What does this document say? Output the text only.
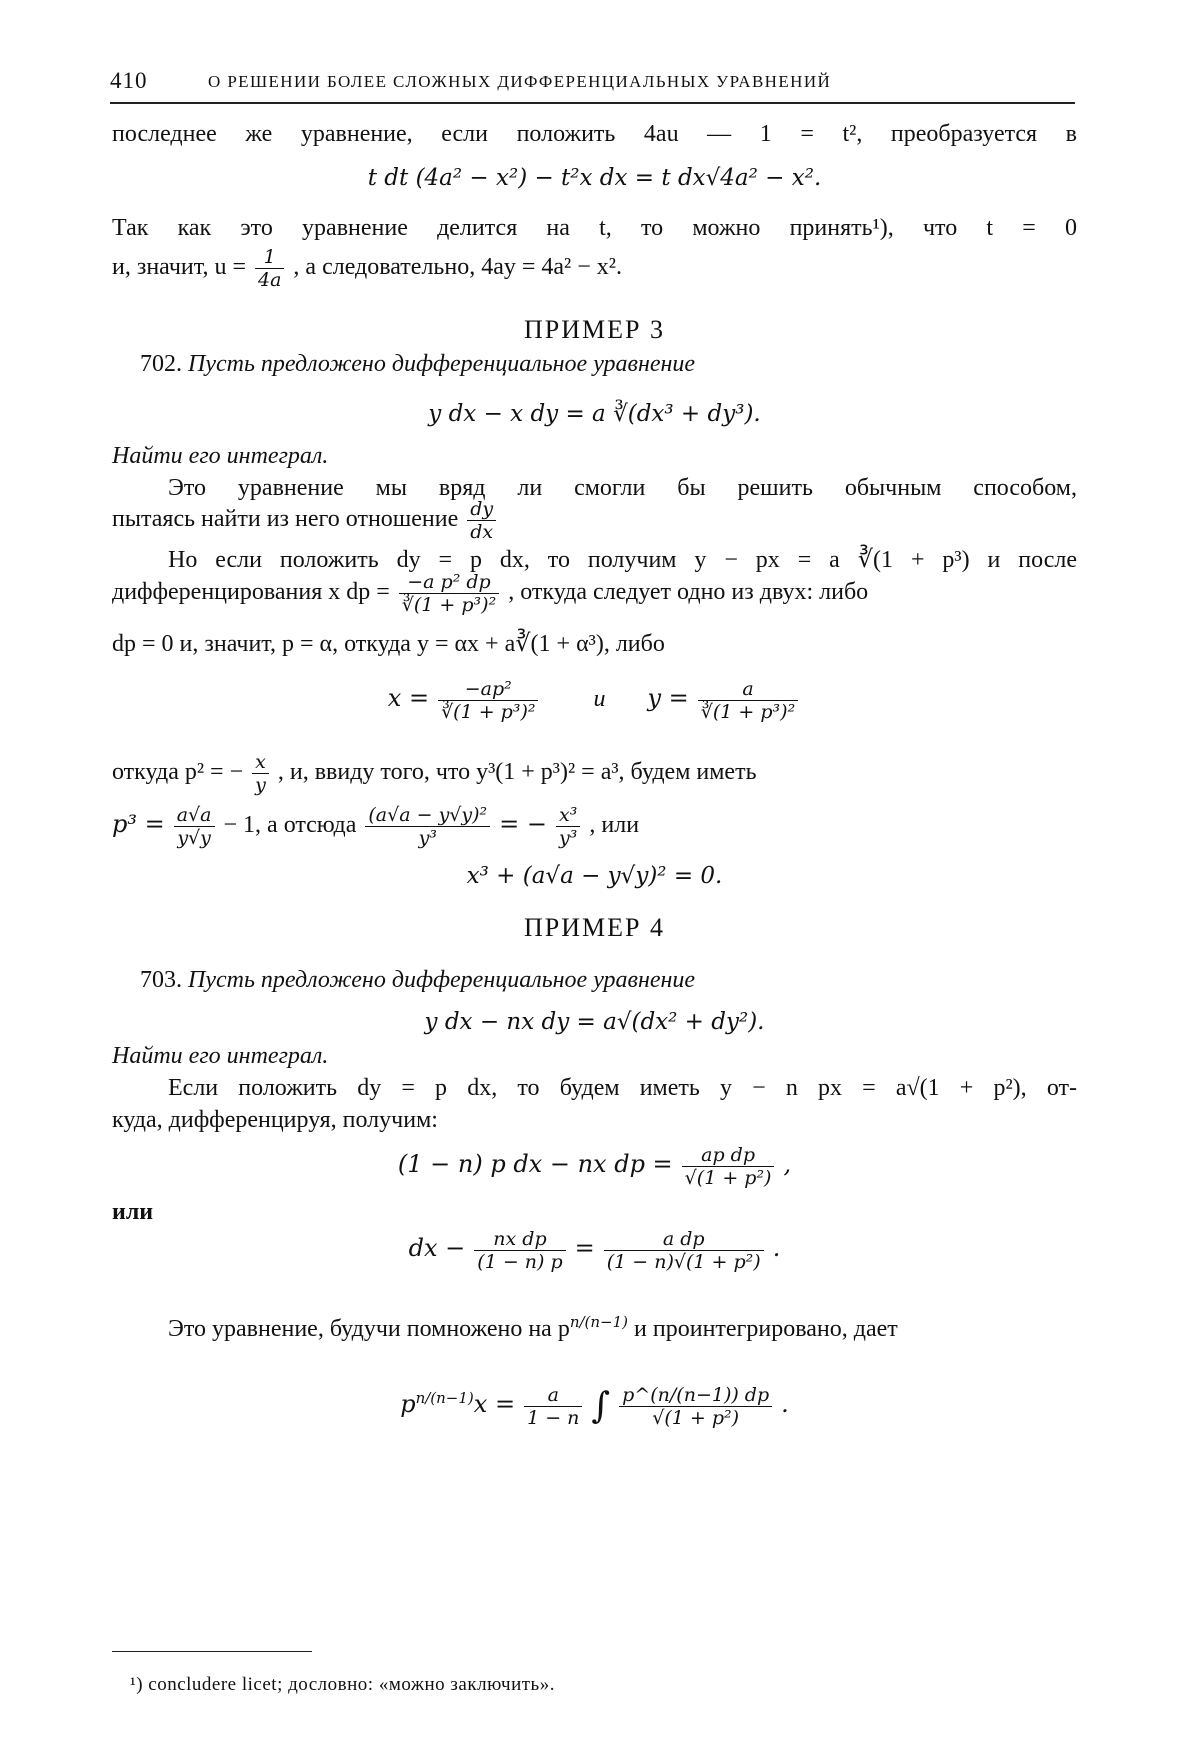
410	О РЕШЕНИИ БОЛЕЕ СЛОЖНЫХ ДИФФЕРЕНЦИАЛЬНЫХ УРАВНЕНИЙ
последнее же уравнение, если положить 4au — 1 = t², преобразуется в
t dt (4a² − x²) − t²x dx = t dx√4a² − x².
Так как это уравнение делится на t, то можно принять¹), что t = 0
и, значит, $u = \frac{1}{4a}$ , а следовательно, 4ay = 4a² − x².
ПРИМЕР 3
702. Пусть предложено дифференциальное уравнение
y dx − x dy = a ∛(dx³ + dy³).
Найти его интеграл.
Это уравнение мы вряд ли смогли бы решить обычным способом,
пытаясь найти из него отношение $\frac{dy}{dx}$
Но если положить dy = p dx, то получим y − px = a ∛(1 + p³) и после
дифференцирования x dp = $\frac{\text{−a p² dp}}{\text{∛(1 + p³)²}}$ , откуда следует одно из двух: либо
dp = 0 и, значит, p = α, откуда y = αx + a∛(1 + α³), либо
$x = \frac{\text{−ap²}}{\text{∛(1 + p³)²}}$ и $y = \frac{a}{\text{∛(1 + p³)²}}$
откуда p² = − $\frac{x}{y}$ , и, ввиду того, что y³(1 + p³)² = a³, будем иметь
$p^3 = \frac{a√a}{y√y} - 1$, а отсюда $\frac{\text{(a√a − y√y)²}}{\text{y³}}$ = − $\frac{\text{x³}}{\text{y³}}$ , или
x³ + (a√a − y√y)² = 0.
ПРИМЕР 4
703. Пусть предложено дифференциальное уравнение
y dx − nx dy = a√(dx² + dy²).
Найти его интеграл.
Если положить dy = p dx, то будем иметь y − n px = a√(1 + p²), от-
куда, дифференцируя, получим:
(1 − n) p dx − nx dp = $\frac{\text{ap dp}}{\text{√(1 + p²)}}$ ,
или
dx − $\frac{\text{nx dp}}{(1 - n) p} = \frac{\text{a dp}}{\text{(1 − n)√(1 + p²)}}$ .
Это уравнение, будучи помножено на $p^{n/(n-1)}$ и проинтегрировано, дает
$p^{n/(n-1)}x = \frac{a}{1 - n}$ ∫ $\frac{p\^{}(n/(n-1)) dp}{\text{√(1 + p²)}}$ .
¹) concludere licet; дословно: «можно заключить».
